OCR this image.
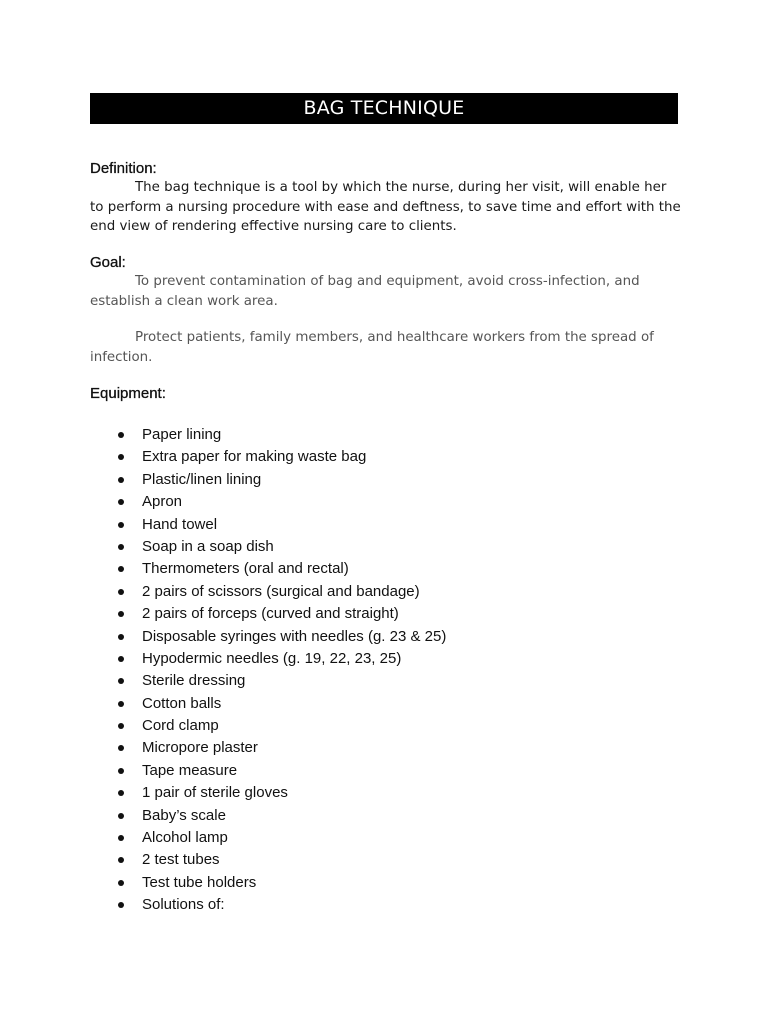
BAG TECHNIQUE
Definition:

The bag technique is a tool by which the nurse, during her visit, will enable her to perform a nursing procedure with ease and deftness, to save time and effort with the end view of rendering effective nursing care to clients.

Goal:

To prevent contamination of bag and equipment, avoid cross-infection, and establish a clean work area.

Protect patients, family members, and healthcare workers from the spread of infection.

Equipment:
Paper lining
Extra paper for making waste bag
Plastic/linen lining
Apron
Hand towel
Soap in a soap dish
Thermometers (oral and rectal)
2 pairs of scissors (surgical and bandage)
2 pairs of forceps (curved and straight)
Disposable syringes with needles (g. 23 & 25)
Hypodermic needles (g. 19, 22, 23, 25)
Sterile dressing
Cotton balls
Cord clamp
Micropore plaster
Tape measure
1 pair of sterile gloves
Baby’s scale
Alcohol lamp
2 test tubes
Test tube holders
Solutions of:
